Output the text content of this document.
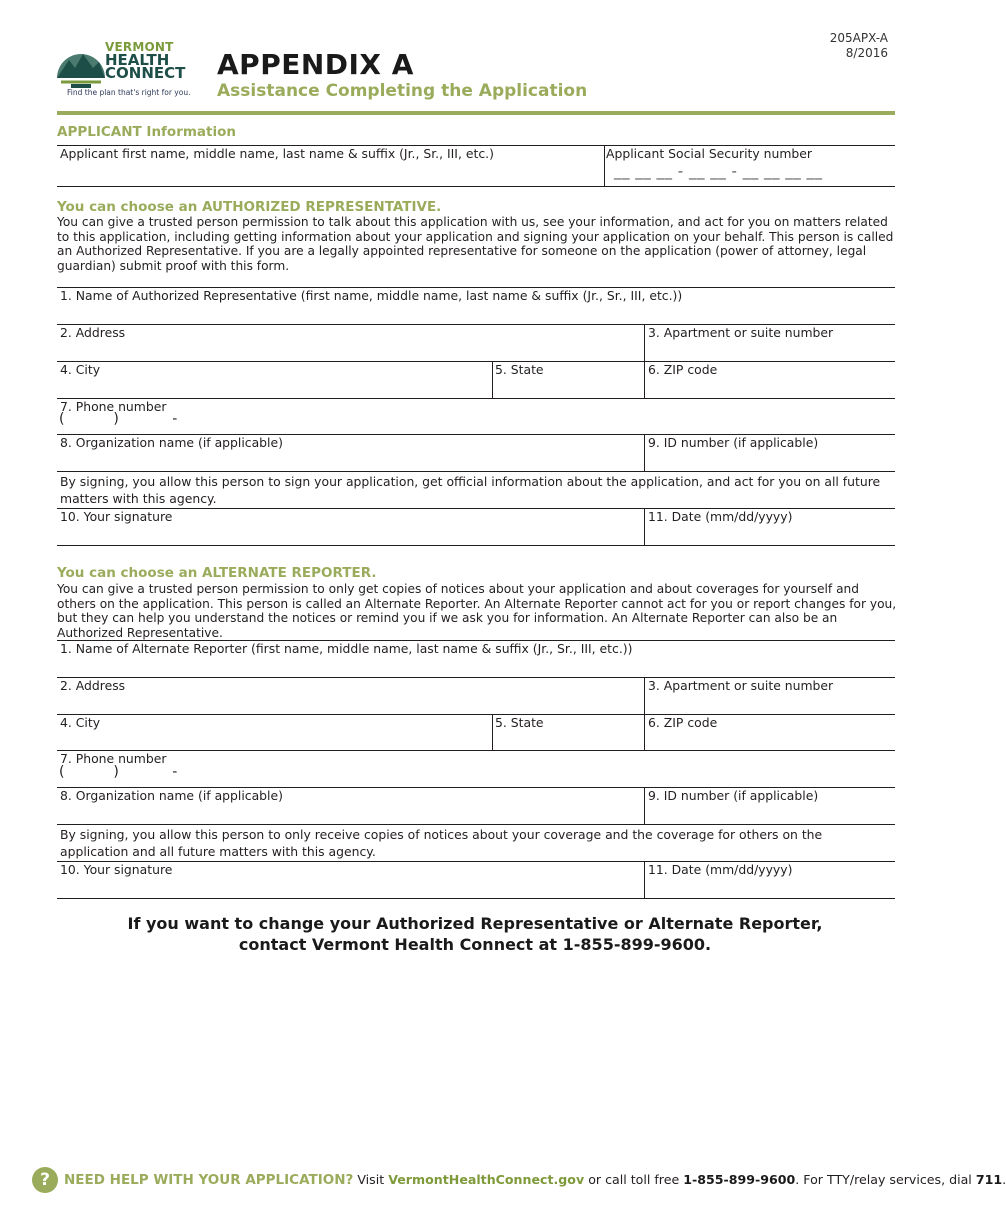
VERMONT
HEALTH
CONNECT
Find the plan that's right for you.
APPENDIX A
Assistance Completing the Application
205APX-A
8/2016
APPLICANT Information
Applicant first name, middle name, last name & suffix (Jr., Sr., III, etc.)	Applicant Social Security number
__ __ __ - __ __ - __ __ __ __
You can choose an AUTHORIZED REPRESENTATIVE.
You can give a trusted person permission to talk about this application with us, see your information, and act for you on matters related to this application, including getting information about your application and signing your application on your behalf. This person is called an Authorized Representative. If you are a legally appointed representative for someone on the application (power of attorney, legal guardian) submit proof with this form.
1. Name of Authorized Representative (first name, middle name, last name & suffix (Jr., Sr., III, etc.))
2. Address	3. Apartment or suite number
4. City	5. State	6. ZIP code
7. Phone number
(           )            -
8. Organization name (if applicable)	9. ID number (if applicable)
By signing, you allow this person to sign your application, get official information about the application, and act for you on all future matters with this agency.
10. Your signature	11. Date (mm/dd/yyyy)
You can choose an ALTERNATE REPORTER.
You can give a trusted person permission to only get copies of notices about your application and about coverages for yourself and others on the application. This person is called an Alternate Reporter. An Alternate Reporter cannot act for you or report changes for you, but they can help you understand the notices or remind you if we ask you for information. An Alternate Reporter can also be an Authorized Representative.
1. Name of Alternate Reporter (first name, middle name, last name & suffix (Jr., Sr., III, etc.))
2. Address	3. Apartment or suite number
4. City	5. State	6. ZIP code
7. Phone number
(           )            -
8. Organization name (if applicable)	9. ID number (if applicable)
By signing, you allow this person to only receive copies of notices about your coverage and the coverage for others on the application and all future matters with this agency.
10. Your signature	11. Date (mm/dd/yyyy)
If you want to change your Authorized Representative or Alternate Reporter,
contact Vermont Health Connect at 1-855-899-9600.
?	NEED HELP WITH YOUR APPLICATION? Visit VermontHealthConnect.gov or call toll free 1-855-899-9600. For TTY/relay services, dial 711.
